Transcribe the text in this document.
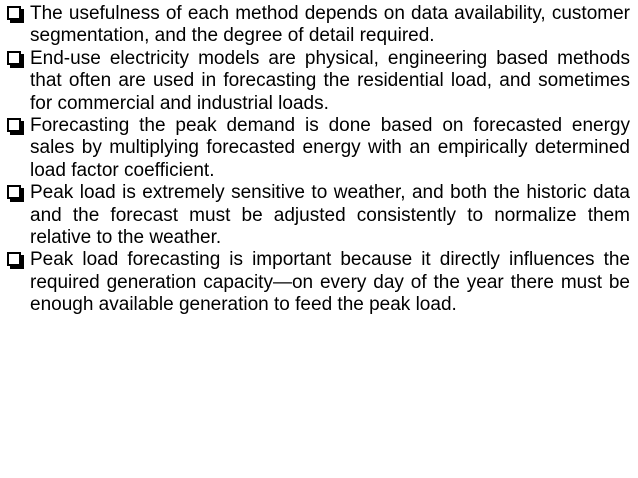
The usefulness of each method depends on data availability, customer segmentation, and the degree of detail required.
End-use electricity models are physical, engineering based methods that often are used in forecasting the residential load, and sometimes for commercial and industrial loads.
Forecasting the peak demand is done based on forecasted energy sales by multiplying forecasted energy with an empirically determined load factor coefficient.
Peak load is extremely sensitive to weather, and both the historic data and the forecast must be adjusted consistently to normalize them relative to the weather.
Peak load forecasting is important because it directly influences the required generation capacity—on every day of the year there must be enough available generation to feed the peak load.
